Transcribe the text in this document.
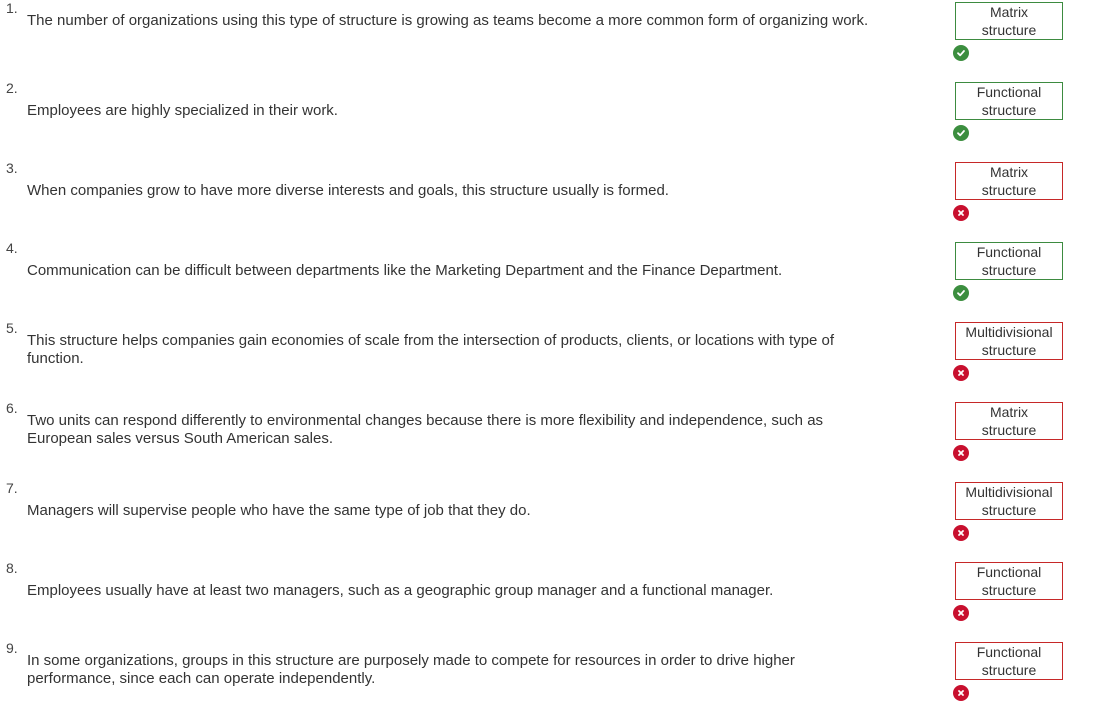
1.
The number of organizations using this type of structure is growing as teams become a more common form of organizing work.	Matrix
structure
2.
Employees are highly specialized in their work.
Functional
structure
3.
When companies grow to have more diverse interests and goals, this structure usually is formed.
Matrix
structure
4.
Communication can be difficult between departments like the Marketing Department and the Finance Department.
Functional
structure
5.
This structure helps companies gain economies of scale from the intersection of products, clients, or locations with type of function.
Multidivisional
structure
6.
Two units can respond differently to environmental changes because there is more flexibility and independence, such as European sales versus South American sales.
Matrix
structure
7.
Managers will supervise people who have the same type of job that they do.
Multidivisional
structure
8.
Employees usually have at least two managers, such as a geographic group manager and a functional manager.
Functional
structure
9.
In some organizations, groups in this structure are purposely made to compete for resources in order to drive higher performance, since each can operate independently.
Functional
structure
